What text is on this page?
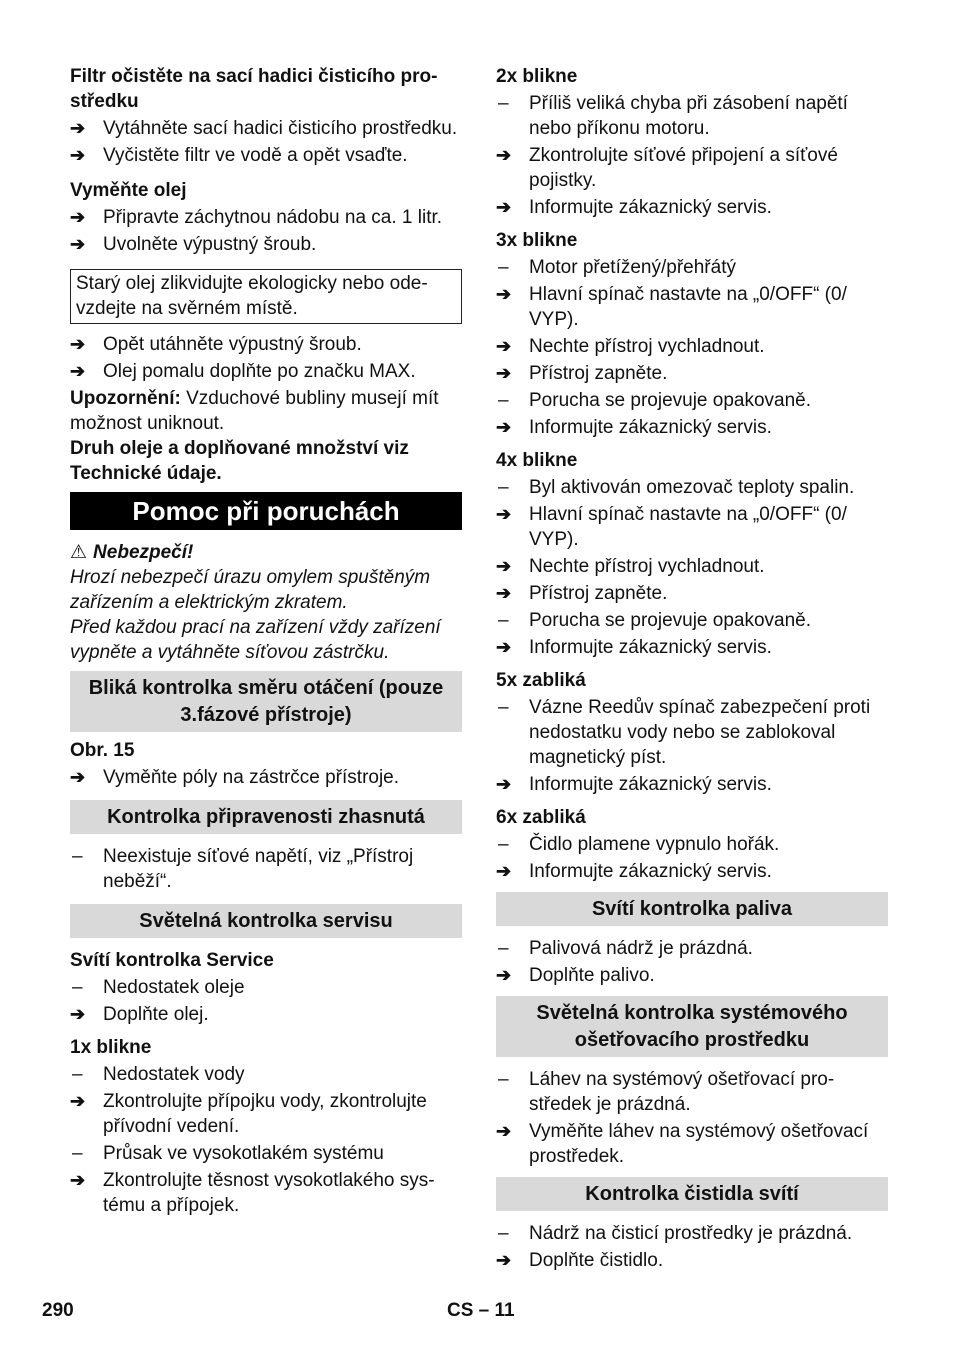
Filtr očistěte na sací hadici čisticího prostředku
➔ Vytáhněte sací hadici čisticího prostředku.
➔ Vyčistěte filtr ve vodě a opět vsaďte.
Vyměňte olej
➔ Připravte záchytnou nádobu na ca. 1 litr.
➔ Uvolněte výpustný šroub.
Starý olej zlikvidujte ekologicky nebo odevzdejte na svěrném místě.
➔ Opět utáhněte výpustný šroub.
➔ Olej pomalu doplňte po značku MAX.
Upozornění: Vzduchové bubliny musejí mít možnost uniknout.
Druh oleje a doplňované množství viz Technické údaje.
Pomoc při poruchách
⚠ Nebezpečí!
Hrozí nebezpečí úrazu omylem spuštěným zařízením a elektrickým zkratem.
Před každou prací na zařízení vždy zařízení vypněte a vytáhněte síťovou zástrčku.
Bliká kontrolka směru otáčení (pouze 3.fázové přístroje)
Obr. 15
➔ Vyměňte póly na zástrčce přístroje.
Kontrolka připravenosti zhasnutá
–	Neexistuje síťové napětí, viz „Přístroj neběží“.
Světelná kontrolka servisu
Svítí kontrolka Service
–	Nedostatek oleje
➔ Doplňte olej.
1x blikne
–	Nedostatek vody
➔ Zkontrolujte přípojku vody, zkontrolujte přívodní vedení.
–	Průsak ve vysokotlakém systému
➔ Zkontrolujte těsnost vysokotlakého systému a přípojek.
2x blikne
–	Příliš veliká chyba při zásobení napětí nebo příkonu motoru.
➔ Zkontrolujte síťové připojení a síťové pojistky.
➔ Informujte zákaznický servis.
3x blikne
–	Motor přetížený/přehřátý
➔ Hlavní spínač nastavte na „0/OFF“ (0/ VYP).
➔ Nechte přístroj vychladnout.
➔ Přístroj zapněte.
–	Porucha se projevuje opakovaně.
➔ Informujte zákaznický servis.
4x blikne
–	Byl aktivován omezovač teploty spalin.
➔ Hlavní spínač nastavte na „0/OFF“ (0/ VYP).
➔ Nechte přístroj vychladnout.
➔ Přístroj zapněte.
–	Porucha se projevuje opakovaně.
➔ Informujte zákaznický servis.
5x zabliká
–	Vázne Reedův spínač zabezpečení proti nedostatku vody nebo se zablokoval magnetický píst.
➔ Informujte zákaznický servis.
6x zabliká
–	Čidlo plamene vypnulo hořák.
➔ Informujte zákaznický servis.
Svítí kontrolka paliva
–	Palivová nádrž je prázdná.
➔ Doplňte palivo.
Světelná kontrolka systémového ošetřovacího prostředku
–	Láhev na systémový ošetřovací prostředek je prázdná.
➔ Vyměňte láhev na systémový ošetřovací prostředek.
Kontrolka čistidla svítí
–	Nádrž na čisticí prostředky je prázdná.
➔ Doplňte čistidlo.
290	CS – 11
